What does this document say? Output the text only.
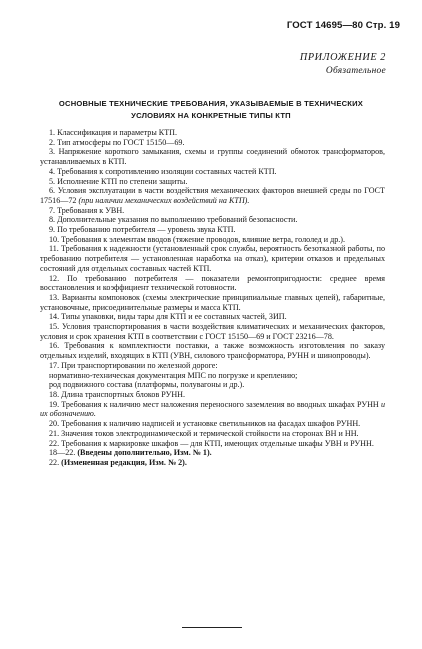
ГОСТ 14695—80 Стр. 19
ПРИЛОЖЕНИЕ 2
Обязательное
ОСНОВНЫЕ ТЕХНИЧЕСКИЕ ТРЕБОВАНИЯ, УКАЗЫВАЕМЫЕ В ТЕХНИЧЕСКИХ
УСЛОВИЯХ НА КОНКРЕТНЫЕ ТИПЫ КТП

1. Классификация и параметры КТП.

2. Тип атмосферы по ГОСТ 15150—69.

3. Напряжение короткого замыкания, схемы и группы соединений обмоток трансформаторов, устанавливаемых в КТП.

4. Требования к сопротивлению изоляции составных частей КТП.

5. Исполнение КТП по степени защиты.

6. Условия эксплуатации в части воздействия механических факторов внешней среды по ГОСТ 17516—72 (при наличии механических воздействий на КТП).

7. Требования к УВН.

8. Дополнительные указания по выполнению требований безопасности.

9. По требованию потребителя — уровень звука КТП.

10. Требования к элементам вводов (тяжение проводов, влияние ветра, гололед и др.).

11. Требования к надежности (установленный срок службы, вероятность безотказной работы, по требованию потребителя — установленная наработка на отказ), критерии отказов и предельных состояний для отдельных составных частей КТП.

12. По требованию потребителя — показатели ремонтопригодности: среднее время восстановления и коэффициент технической готовности.

13. Варианты компоновок (схемы электрические принципиальные главных цепей), габаритные, установочные, присоединительные размеры и масса КТП.

14. Типы упаковки, виды тары для КТП и ее составных частей, ЗИП.

15. Условия транспортирования в части воздействия климатических и механических факторов, условия и срок хранения КТП в соответствии с ГОСТ 15150—69 и ГОСТ 23216—78.

16. Требования к комплектности поставки, а также возможность изготовления по заказу отдельных изделий, входящих в КТП (УВН, силового трансформатора, РУНН и шинопроводы).

17. При транспортировании по железной дороге:

нормативно-техническая документация МПС по погрузке и креплению;

род подвижного состава (платформы, полувагоны и др.).

18. Длина транспортных блоков РУНН.

19. Требования к наличию мест наложения переносного заземления во вводных шкафах РУНН и их обозначению.

20. Требования к наличию надписей и установке светильников на фасадах шкафов РУНН.

21. Значения токов электродинамической и термической стойкости на сторонах ВН и НН.

22. Требования к маркировке шкафов — для КТП, имеющих отдельные шкафы УВН и РУНН.

18—22. (Введены дополнительно, Изм. № 1).

22. (Измененная редакция, Изм. № 2).
